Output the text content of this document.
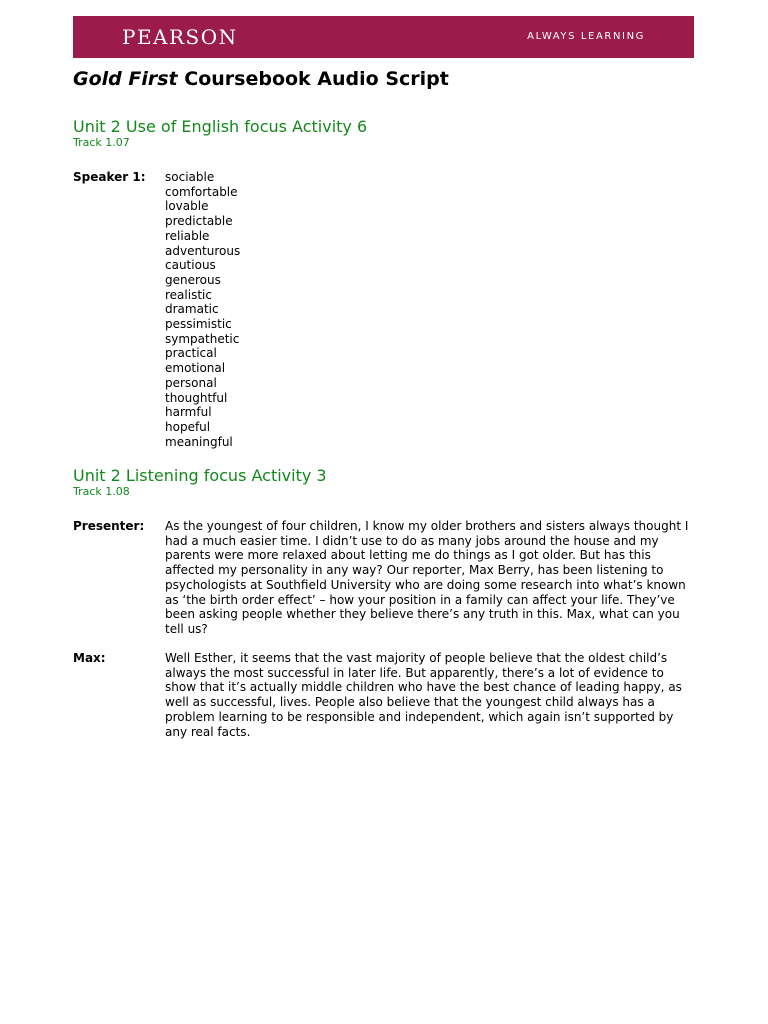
PEARSON	ALWAYS LEARNING
Gold First Coursebook Audio Script
Unit 2 Use of English focus Activity 6
Track 1.07
Speaker 1: sociable
comfortable
lovable
predictable
reliable
adventurous
cautious
generous
realistic
dramatic
pessimistic
sympathetic
practical
emotional
personal
thoughtful
harmful
hopeful
meaningful
Unit 2 Listening focus Activity 3
Track 1.08
Presenter: As the youngest of four children, I know my older brothers and sisters always thought I had a much easier time. I didn’t use to do as many jobs around the house and my parents were more relaxed about letting me do things as I got older. But has this affected my personality in any way? Our reporter, Max Berry, has been listening to psychologists at Southfield University who are doing some research into what’s known as ‘the birth order effect’ – how your position in a family can affect your life. They’ve been asking people whether they believe there’s any truth in this. Max, what can you tell us?

Max:	Well Esther, it seems that the vast majority of people believe that the oldest child’s always the most successful in later life. But apparently, there’s a lot of evidence to show that it’s actually middle children who have the best chance of leading happy, as well as successful, lives. People also believe that the youngest child always has a problem learning to be responsible and independent, which again isn’t supported by any real facts.
